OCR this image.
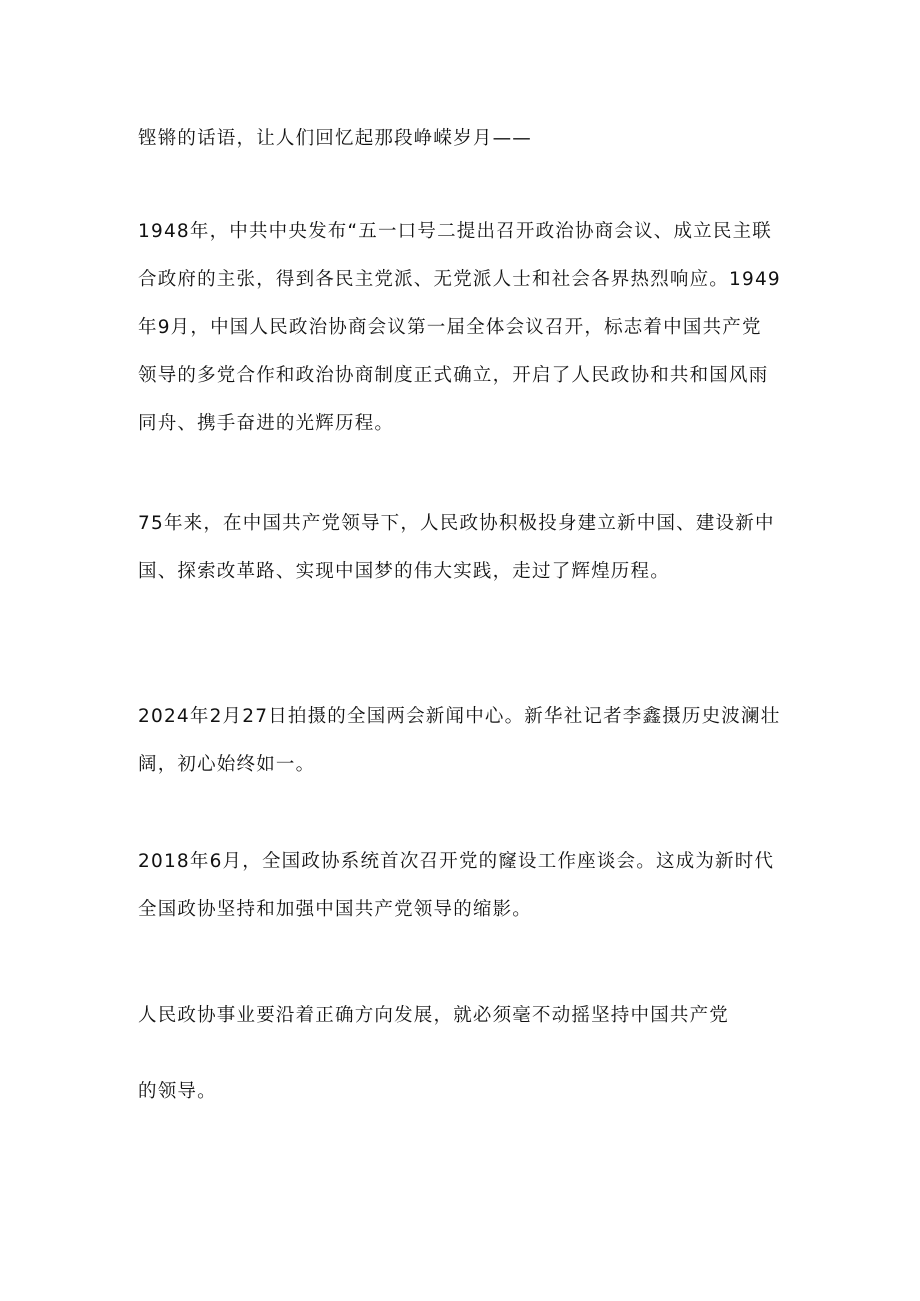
铿锵的话语，让人们回忆起那段峥嵘岁月——

1948年，中共中央发布“五一口号二提出召开政治协商会议、成立民主联
合政府的主张，得到各民主党派、无党派人士和社会各界热烈响应。1949
年9月，中国人民政治协商会议第一届全体会议召开，标志着中国共产党
领导的多党合作和政治协商制度正式确立，开启了人民政协和共和国风雨
同舟、携手奋进的光辉历程。

75年来，在中国共产党领导下，人民政协积极投身建立新中国、建设新中
国、探索改革路、实现中国梦的伟大实践，走过了辉煌历程。

2024年2月27日拍摄的全国两会新闻中心。新华社记者李鑫摄历史波澜壮
阔，初心始终如一。

2018年6月，全国政协系统首次召开党的窿设工作座谈会。这成为新时代
全国政协坚持和加强中国共产党领导的缩影。

人民政协事业要沿着正确方向发展，就必须毫不动摇坚持中国共产党

的领导。
